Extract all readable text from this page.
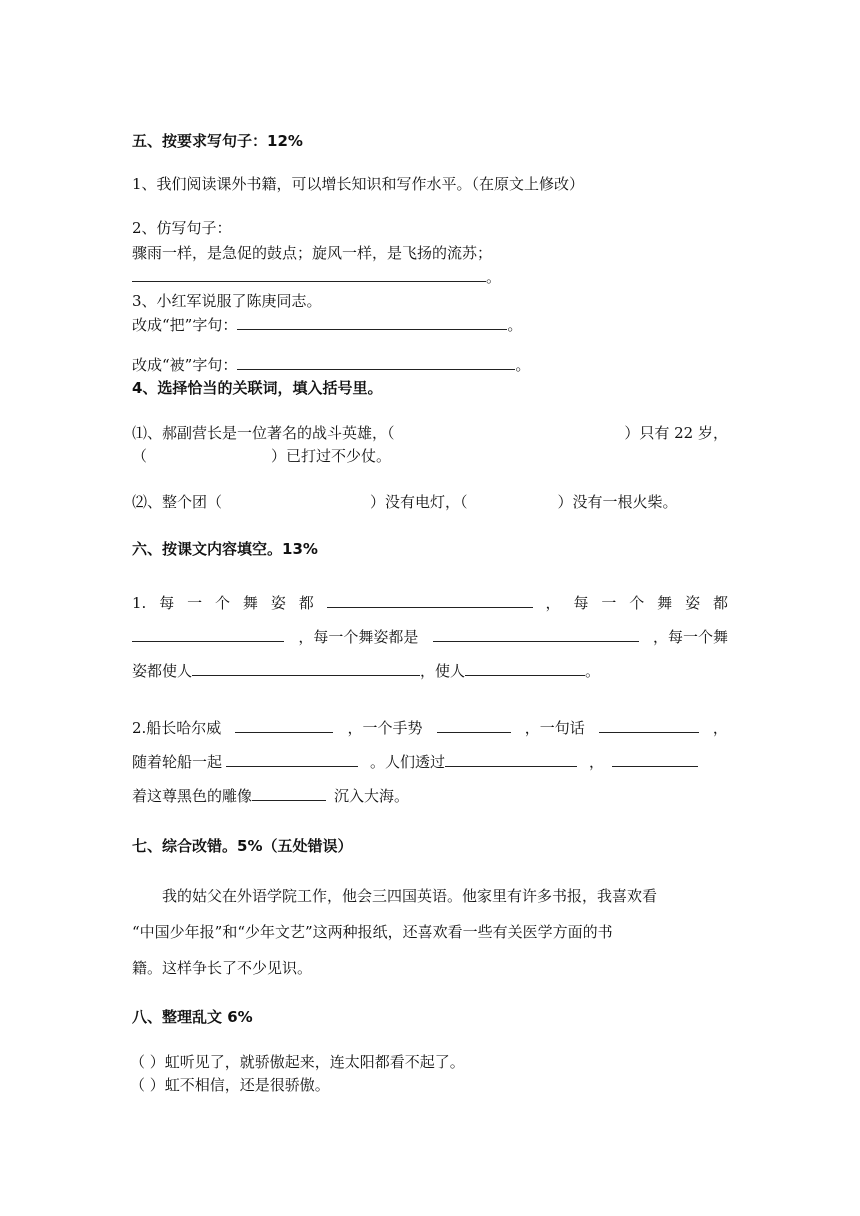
五、按要求写句子：12%
1、我们阅读课外书籍，可以增长知识和写作水平。（在原文上修改）
2、仿写句子：
骤雨一样，是急促的鼓点；旋风一样，是飞扬的流苏；
。
3、小红军说服了陈庚同志。
改成“把”字句：	。
改成“被”字句：	。
4、选择恰当的关联词，填入括号里。
⑴、郝副营长是一位著名的战斗英雄，（	）只有 22 岁，
（	）已打过不少仗。
⑵、整个团（	）没有电灯，（	）没有一根火柴。
六、按课文内容填空。13%
1. 每 一 个 舞 姿 都	， 每 一 个 舞 姿 都
，每一个舞姿都是	，每一个舞
姿都使人	，使人	。
2.船长哈尔威	，一个手势	，一句话	，
随着轮船一起	。人们透过	，
着这尊黑色的雕像	沉入大海。
七、综合改错。5%（五处错误）
我的姑父在外语学院工作，他会三四国英语。他家里有许多书报，我喜欢看
“中国少年报”和“少年文艺”这两种报纸，还喜欢看一些有关医学方面的书
籍。这样争长了不少见识。
八、整理乱文 6%
（ ）虹听见了，就骄傲起来，连太阳都看不起了。
（ ）虹不相信，还是很骄傲。
